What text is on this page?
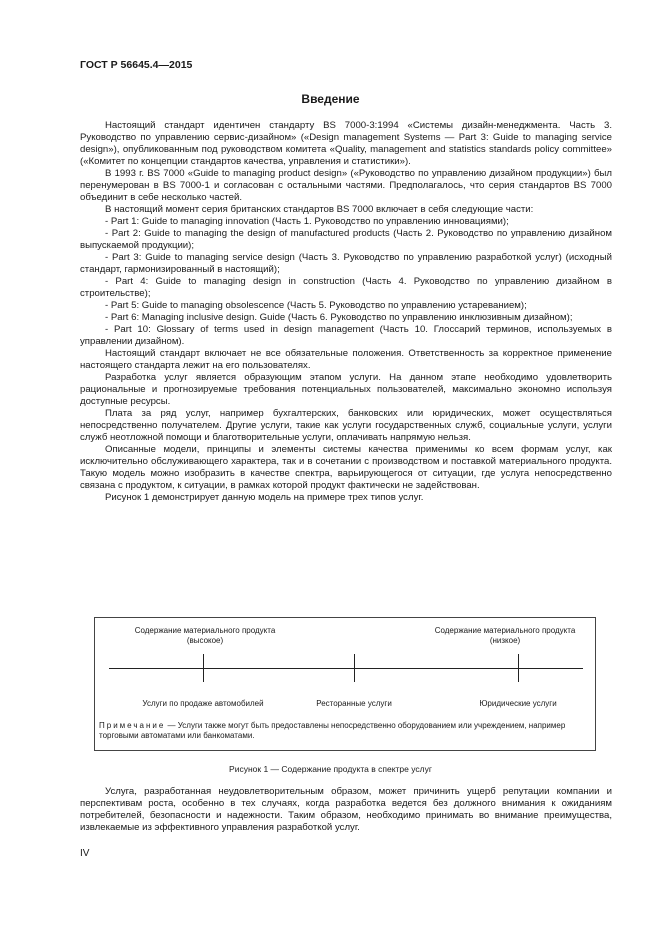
ГОСТ Р 56645.4—2015
Введение

Настоящий стандарт идентичен стандарту BS 7000-3:1994 «Системы дизайн-менеджмента. Часть 3. Руководство по управлению сервис-дизайном» («Design management Systems — Part 3: Guide to managing service design»), опубликованным под руководством комитета «Quality, management and statistics standards policy committee» («Комитет по концепции стандартов качества, управления и статистики»).

В 1993 г. BS 7000 «Guide to managing product design» («Руководство по управлению дизайном продукции») был перенумерован в BS 7000-1 и согласован с остальными частями. Предполагалось, что серия стандартов BS 7000 объединит в себе несколько частей.

В настоящий момент серия британских стандартов BS 7000 включает в себя следующие части:

- Part 1: Guide to managing innovation (Часть 1. Руководство по управлению инновациями);

- Part 2: Guide to managing the design of manufactured products (Часть 2. Руководство по управлению дизайном выпускаемой продукции);

- Part 3: Guide to managing service design (Часть 3. Руководство по управлению разработкой услуг) (исходный стандарт, гармонизированный в настоящий);

- Part 4: Guide to managing design in construction (Часть 4. Руководство по управлению дизайном в строительстве);

- Part 5: Guide to managing obsolescence (Часть 5. Руководство по управлению устареванием);

- Part 6: Managing inclusive design. Guide (Часть 6. Руководство по управлению инклюзивным дизайном);

- Part 10: Glossary of terms used in design management (Часть 10. Глоссарий терминов, используемых в управлении дизайном).

Настоящий стандарт включает не все обязательные положения. Ответственность за корректное применение настоящего стандарта лежит на его пользователях.

Разработка услуг является образующим этапом услуги. На данном этапе необходимо удовлетворить рациональные и прогнозируемые требования потенциальных пользователей, максимально экономно используя доступные ресурсы.

Плата за ряд услуг, например бухгалтерских, банковских или юридических, может осуществляться непосредственно получателем. Другие услуги, такие как услуги государственных служб, социальные услуги, услуги служб неотложной помощи и благотворительные услуги, оплачивать напрямую нельзя.

Описанные модели, принципы и элементы системы качества применимы ко всем формам услуг, как исключительно обслуживающего характера, так и в сочетании с производством и поставкой материального продукта. Такую модель можно изобразить в качестве спектра, варьирующегося от ситуации, где услуга непосредственно связана с продуктом, к ситуации, в рамках которой продукт фактически не задействован.

Рисунок 1 демонстрирует данную модель на примере трех типов услуг.

Содержание материального продукта
(высокое)
Содержание материального продукта
(низкое)
Услуги по продаже автомобилей	Ресторанные услуги	Юридические услуги
Примечание — Услуги также могут быть предоставлены непосредственно оборудованием или учреждением, например торговыми автоматами или банкоматами.
Рисунок 1 — Содержание продукта в спектре услуг

Услуга, разработанная неудовлетворительным образом, может причинить ущерб репутации компании и перспективам роста, особенно в тех случаях, когда разработка ведется без должного внимания к ожиданиям потребителей, безопасности и надежности. Таким образом, необходимо принимать во внимание преимущества, извлекаемые из эффективного управления разработкой услуг.

IV
